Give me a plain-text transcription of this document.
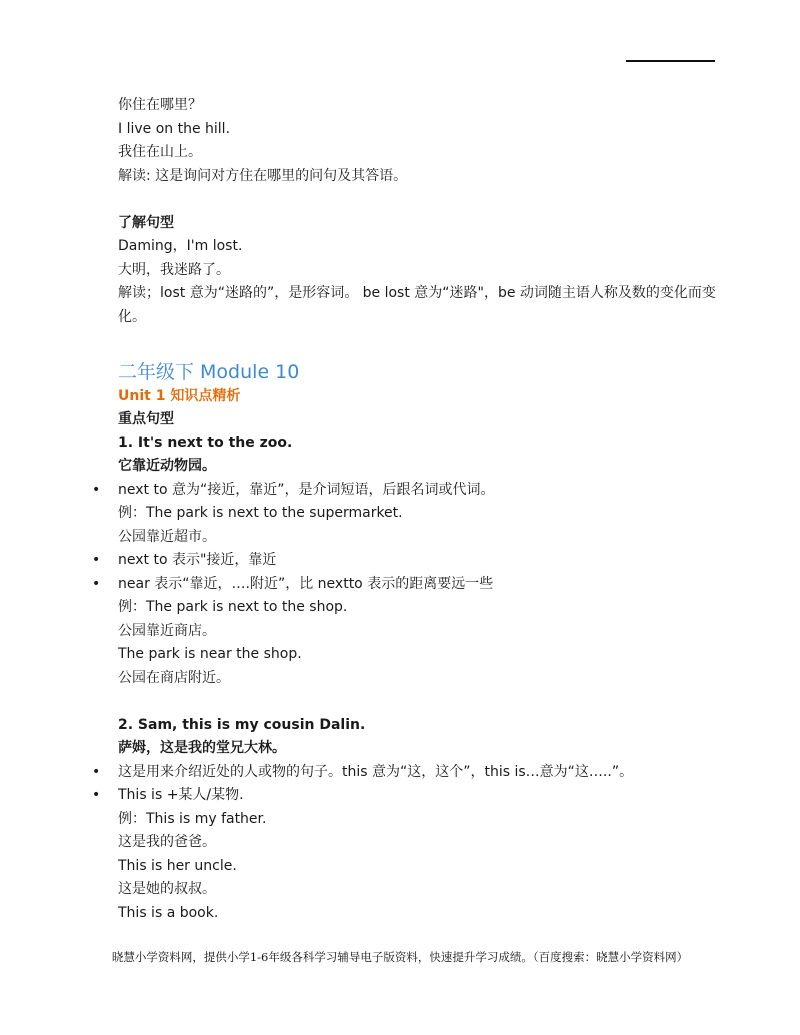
你住在哪里？
I live on the hill.
我住在山上。
解读: 这是询问对方住在哪里的问句及其答语。
了解句型
Daming，I'm lost.
大明，我迷路了。
解读；lost 意为“迷路的”，是形容词。 be lost 意为“迷路"，be 动词随主语人称及数的变化而变化。
二年级下 Module 10
Unit 1 知识点精析
重点句型
1. It's next to the zoo.
它靠近动物园。
• next to 意为“接近，靠近”，是介词短语，后跟名词或代词。
例：The park is next to the supermarket.
公园靠近超市。
• next to 表示"接近，靠近
• near 表示“靠近，….附近”，比 nextto 表示的距离要远一些
例：The park is next to the shop.
公园靠近商店。
The park is near the shop.
公园在商店附近。
2. Sam, this is my cousin Dalin.
萨姆，这是我的堂兄大林。
• 这是用来介绍近处的人或物的句子。this 意为“这，这个”，this is…意为“这…..”。
• This is +某人/某物.
例：This is my father.
这是我的爸爸。
This is her uncle.
这是她的叔叔。
This is a book.
晓慧小学资料网，提供小学1-6年级各科学习辅导电子版资料，快速提升学习成绩。（百度搜索：晓慧小学资料网）
